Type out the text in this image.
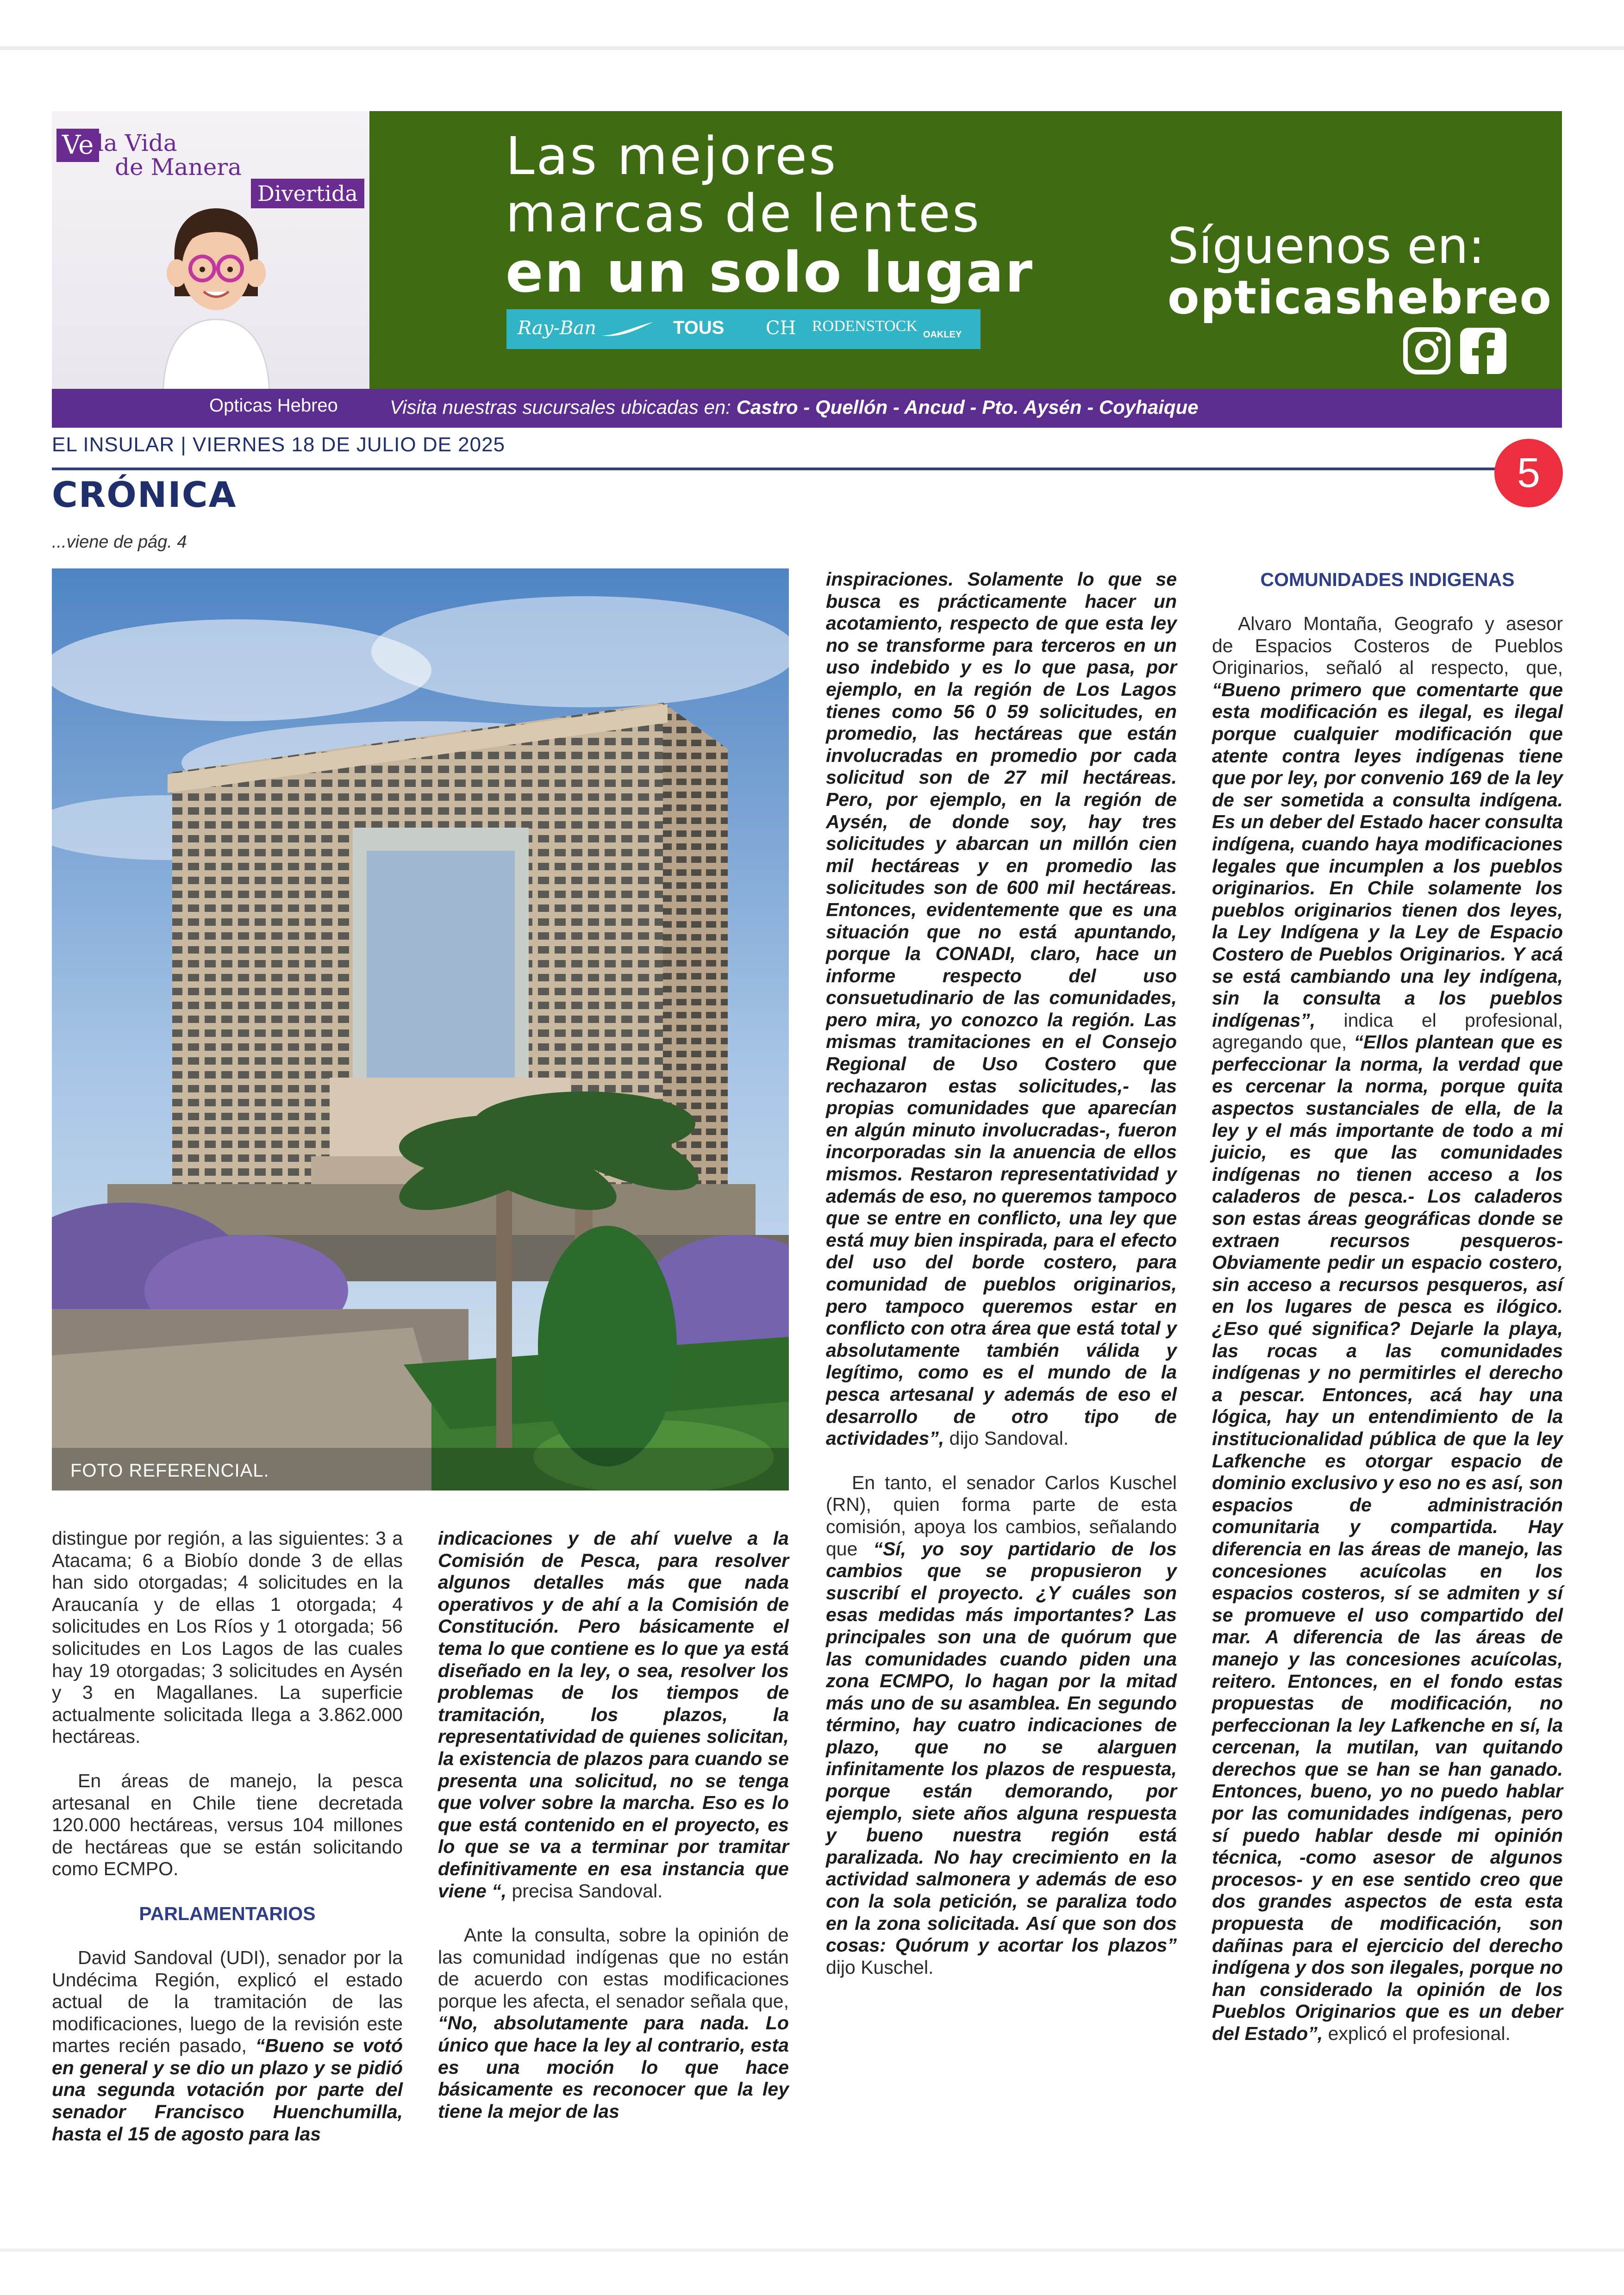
Ve la Vida
de Manera
Divertida
Las mejores
marcas de lentes
en un solo lugar
Ray-Ban	TOUS CH RODENSTOCK OAKLEY
Síguenos en:
opticashebreo
Opticas Hebreo	Visita nuestras sucursales ubicadas en: Castro - Quellón - Ancud - Pto. Aysén - Coyhaique
EL INSULAR | VIERNES 18 DE JULIO DE 2025
5
CRÓNICA
...viene de pág. 4
FOTO REFERENCIAL.

distingue por región, a las siguientes: 3 a Atacama; 6 a Biobío donde 3 de ellas han sido otorgadas; 4 solicitudes en la Araucanía y de ellas 1 otorgada; 4 solicitudes en Los Ríos y 1 otorgada; 56 solicitudes en Los Lagos de las cuales hay 19 otorgadas; 3 solicitudes en Aysén y 3 en Magallanes. La superficie actualmente solicitada llega a 3.862.000 hectáreas.

En áreas de manejo, la pesca artesanal en Chile tiene decretada 120.000 hectáreas, versus 104 millones de hectáreas que se están solicitando como ECMPO.

PARLAMENTARIOS

David Sandoval (UDI), senador por la Undécima Región, explicó el estado actual de la tramitación de las modificaciones, luego de la revisión este martes recién pasado, “Bueno se votó en general y se dio un plazo y se pidió una segunda votación por parte del senador Francisco Huenchumilla, hasta el 15 de agosto para las

indicaciones y de ahí vuelve a la Comisión de Pesca, para resolver algunos detalles más que nada operativos y de ahí a la Comisión de Constitución. Pero básicamente el tema lo que contiene es lo que ya está diseñado en la ley, o sea, resolver los problemas de los tiempos de tramitación, los plazos, la representatividad de quienes solicitan, la existencia de plazos para cuando se presenta una solicitud, no se tenga que volver sobre la marcha. Eso es lo que está contenido en el proyecto, es lo que se va a terminar por tramitar definitivamente en esa instancia que viene “, precisa Sandoval.

Ante la consulta, sobre la opinión de las comunidad indígenas que no están de acuerdo con estas modificaciones porque les afecta, el senador señala que, “No, absolutamente para nada. Lo único que hace la ley al contrario, esta es una moción lo que hace básicamente es reconocer que la ley tiene la mejor de las

inspiraciones. Solamente lo que se busca es prácticamente hacer un acotamiento, respecto de que esta ley no se transforme para terceros en un uso indebido y es lo que pasa, por ejemplo, en la región de Los Lagos tienes como 56 0 59 solicitudes, en promedio, las hectáreas que están involucradas en promedio por cada solicitud son de 27 mil hectáreas. Pero, por ejemplo, en la región de Aysén, de donde soy, hay tres solicitudes y abarcan un millón cien mil hectáreas y en promedio las solicitudes son de 600 mil hectáreas. Entonces, evidentemente que es una situación que no está apuntando, porque la CONADI, claro, hace un informe respecto del uso consuetudinario de las comunidades, pero mira, yo conozco la región. Las mismas tramitaciones en el Consejo Regional de Uso Costero que rechazaron estas solicitudes,- las propias comunidades que aparecían en algún minuto involucradas-, fueron incorporadas sin la anuencia de ellos mismos. Restaron representatividad y además de eso, no queremos tampoco que se entre en conflicto, una ley que está muy bien inspirada, para el efecto del uso del borde costero, para comunidad de pueblos originarios, pero tampoco queremos estar en conflicto con otra área que está total y absolutamente también válida y legítimo, como es el mundo de la pesca artesanal y además de eso el desarrollo de otro tipo de actividades”, dijo Sandoval.

En tanto, el senador Carlos Kuschel (RN), quien forma parte de esta comisión, apoya los cambios, señalando que “Sí, yo soy partidario de los cambios que se propusieron y suscribí el proyecto. ¿Y cuáles son esas medidas más importantes? Las principales son una de quórum que las comunidades cuando piden una zona ECMPO, lo hagan por la mitad más uno de su asamblea. En segundo término, hay cuatro indicaciones de plazo, que no se alarguen infinitamente los plazos de respuesta, porque están demorando, por ejemplo, siete años alguna respuesta y bueno nuestra región está paralizada. No hay crecimiento en la actividad salmonera y además de eso con la sola petición, se paraliza todo en la zona solicitada. Así que son dos cosas: Quórum y acortar los plazos” dijo Kuschel.

COMUNIDADES INDIGENAS

Alvaro Montaña, Geografo y asesor de Espacios Costeros de Pueblos Originarios, señaló al respecto, que, “Bueno primero que comentarte que esta modificación es ilegal, es ilegal porque cualquier modificación que atente contra leyes indígenas tiene que por ley, por convenio 169 de la ley de ser sometida a consulta indígena. Es un deber del Estado hacer consulta indígena, cuando haya modificaciones legales que incumplen a los pueblos originarios. En Chile solamente los pueblos originarios tienen dos leyes, la Ley Indígena y la Ley de Espacio Costero de Pueblos Originarios. Y acá se está cambiando una ley indígena, sin la consulta a los pueblos indígenas”, indica el profesional, agregando que, “Ellos plantean que es perfeccionar la norma, la verdad que es cercenar la norma, porque quita aspectos sustanciales de ella, de la ley y el más importante de todo a mi juicio, es que las comunidades indígenas no tienen acceso a los caladeros de pesca.- Los caladeros son estas áreas geográficas donde se extraen recursos pesqueros- Obviamente pedir un espacio costero, sin acceso a recursos pesqueros, así en los lugares de pesca es ilógico. ¿Eso qué significa? Dejarle la playa, las rocas a las comunidades indígenas y no permitirles el derecho a pescar. Entonces, acá hay una lógica, hay un entendimiento de la institucionalidad pública de que la ley Lafkenche es otorgar espacio de dominio exclusivo y eso no es así, son espacios de administración comunitaria y compartida. Hay diferencia en las áreas de manejo, las concesiones acuícolas en los espacios costeros, sí se admiten y sí se promueve el uso compartido del mar. A diferencia de las áreas de manejo y las concesiones acuícolas, reitero. Entonces, en el fondo estas propuestas de modificación, no perfeccionan la ley Lafkenche en sí, la cercenan, la mutilan, van quitando derechos que se han se han ganado. Entonces, bueno, yo no puedo hablar por las comunidades indígenas, pero sí puedo hablar desde mi opinión técnica, -como asesor de algunos procesos- y en ese sentido creo que dos grandes aspectos de esta esta propuesta de modificación, son dañinas para el ejercicio del derecho indígena y dos son ilegales, porque no han considerado la opinión de los Pueblos Originarios que es un deber del Estado”, explicó el profesional.
